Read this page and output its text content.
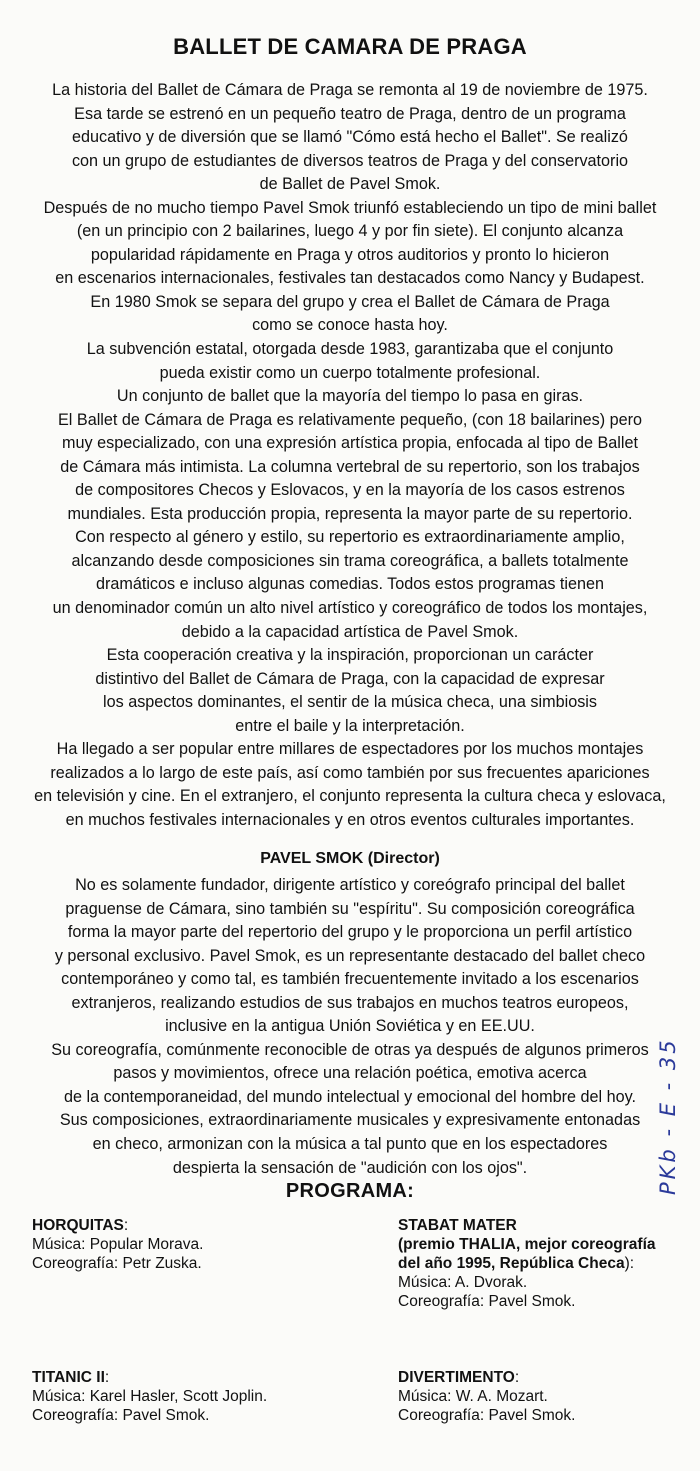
BALLET DE CAMARA DE PRAGA
La historia del Ballet de Cámara de Praga se remonta al 19 de noviembre de 1975.
Esa tarde se estrenó en un pequeño teatro de Praga, dentro de un programa
educativo y de diversión que se llamó "Cómo está hecho el Ballet". Se realizó
con un grupo de estudiantes de diversos teatros de Praga y del conservatorio
de Ballet de Pavel Smok.
Después de no mucho tiempo Pavel Smok triunfó estableciendo un tipo de mini ballet
(en un principio con 2 bailarines, luego 4 y por fin siete). El conjunto alcanza
popularidad rápidamente en Praga y otros auditorios y pronto lo hicieron
en escenarios internacionales, festivales tan destacados como Nancy y Budapest.
En 1980 Smok se separa del grupo y crea el Ballet de Cámara de Praga
como se conoce hasta hoy.
La subvención estatal, otorgada desde 1983, garantizaba que el conjunto
pueda existir como un cuerpo totalmente profesional.
Un conjunto de ballet que la mayoría del tiempo lo pasa en giras.
El Ballet de Cámara de Praga es relativamente pequeño, (con 18 bailarines) pero
muy especializado, con una expresión artística propia, enfocada al tipo de Ballet
de Cámara más intimista. La columna vertebral de su repertorio, son los trabajos
de compositores Checos y Eslovacos, y en la mayoría de los casos estrenos
mundiales. Esta producción propia, representa la mayor parte de su repertorio.
Con respecto al género y estilo, su repertorio es extraordinariamente amplio,
alcanzando desde composiciones sin trama coreográfica, a ballets totalmente
dramáticos e incluso algunas comedias. Todos estos programas tienen
un denominador común un alto nivel artístico y coreográfico de todos los montajes,
debido a la capacidad artística de Pavel Smok.
Esta cooperación creativa y la inspiración, proporcionan un carácter
distintivo del Ballet de Cámara de Praga, con la capacidad de expresar
los aspectos dominantes, el sentir de la música checa, una simbiosis
entre el baile y la interpretación.
Ha llegado a ser popular entre millares de espectadores por los muchos montajes
realizados a lo largo de este país, así como también por sus frecuentes apariciones
en televisión y cine. En el extranjero, el conjunto representa la cultura checa y eslovaca,
en muchos festivales internacionales y en otros eventos culturales importantes.
PAVEL SMOK (Director)
No es solamente fundador, dirigente artístico y coreógrafo principal del ballet
praguense de Cámara, sino también su "espíritu". Su composición coreográfica
forma la mayor parte del repertorio del grupo y le proporciona un perfil artístico
y personal exclusivo. Pavel Smok, es un representante destacado del ballet checo
contemporáneo y como tal, es también frecuentemente invitado a los escenarios
extranjeros, realizando estudios de sus trabajos en muchos teatros europeos,
inclusive en la antigua Unión Soviética y en EE.UU.
Su coreografía, comúnmente reconocible de otras ya después de algunos primeros
pasos y movimientos, ofrece una relación poética, emotiva acerca
de la contemporaneidad, del mundo intelectual y emocional del hombre del hoy.
Sus composiciones, extraordinariamente musicales y expresivamente entonadas
en checo, armonizan con la música a tal punto que en los espectadores
despierta la sensación de "audición con los ojos".
PROGRAMA:
HORQUITAS:
Música: Popular Morava.
Coreografía: Petr Zuska.
STABAT MATER
(premio THALIA, mejor coreografía
del año 1995, República Checa):
Música: A. Dvorak.
Coreografía: Pavel Smok.
TITANIC II:
Música: Karel Hasler, Scott Joplin.
Coreografía: Pavel Smok.
DIVERTIMENTO:
Música: W. A. Mozart.
Coreografía: Pavel Smok.
PKb - E - 35
